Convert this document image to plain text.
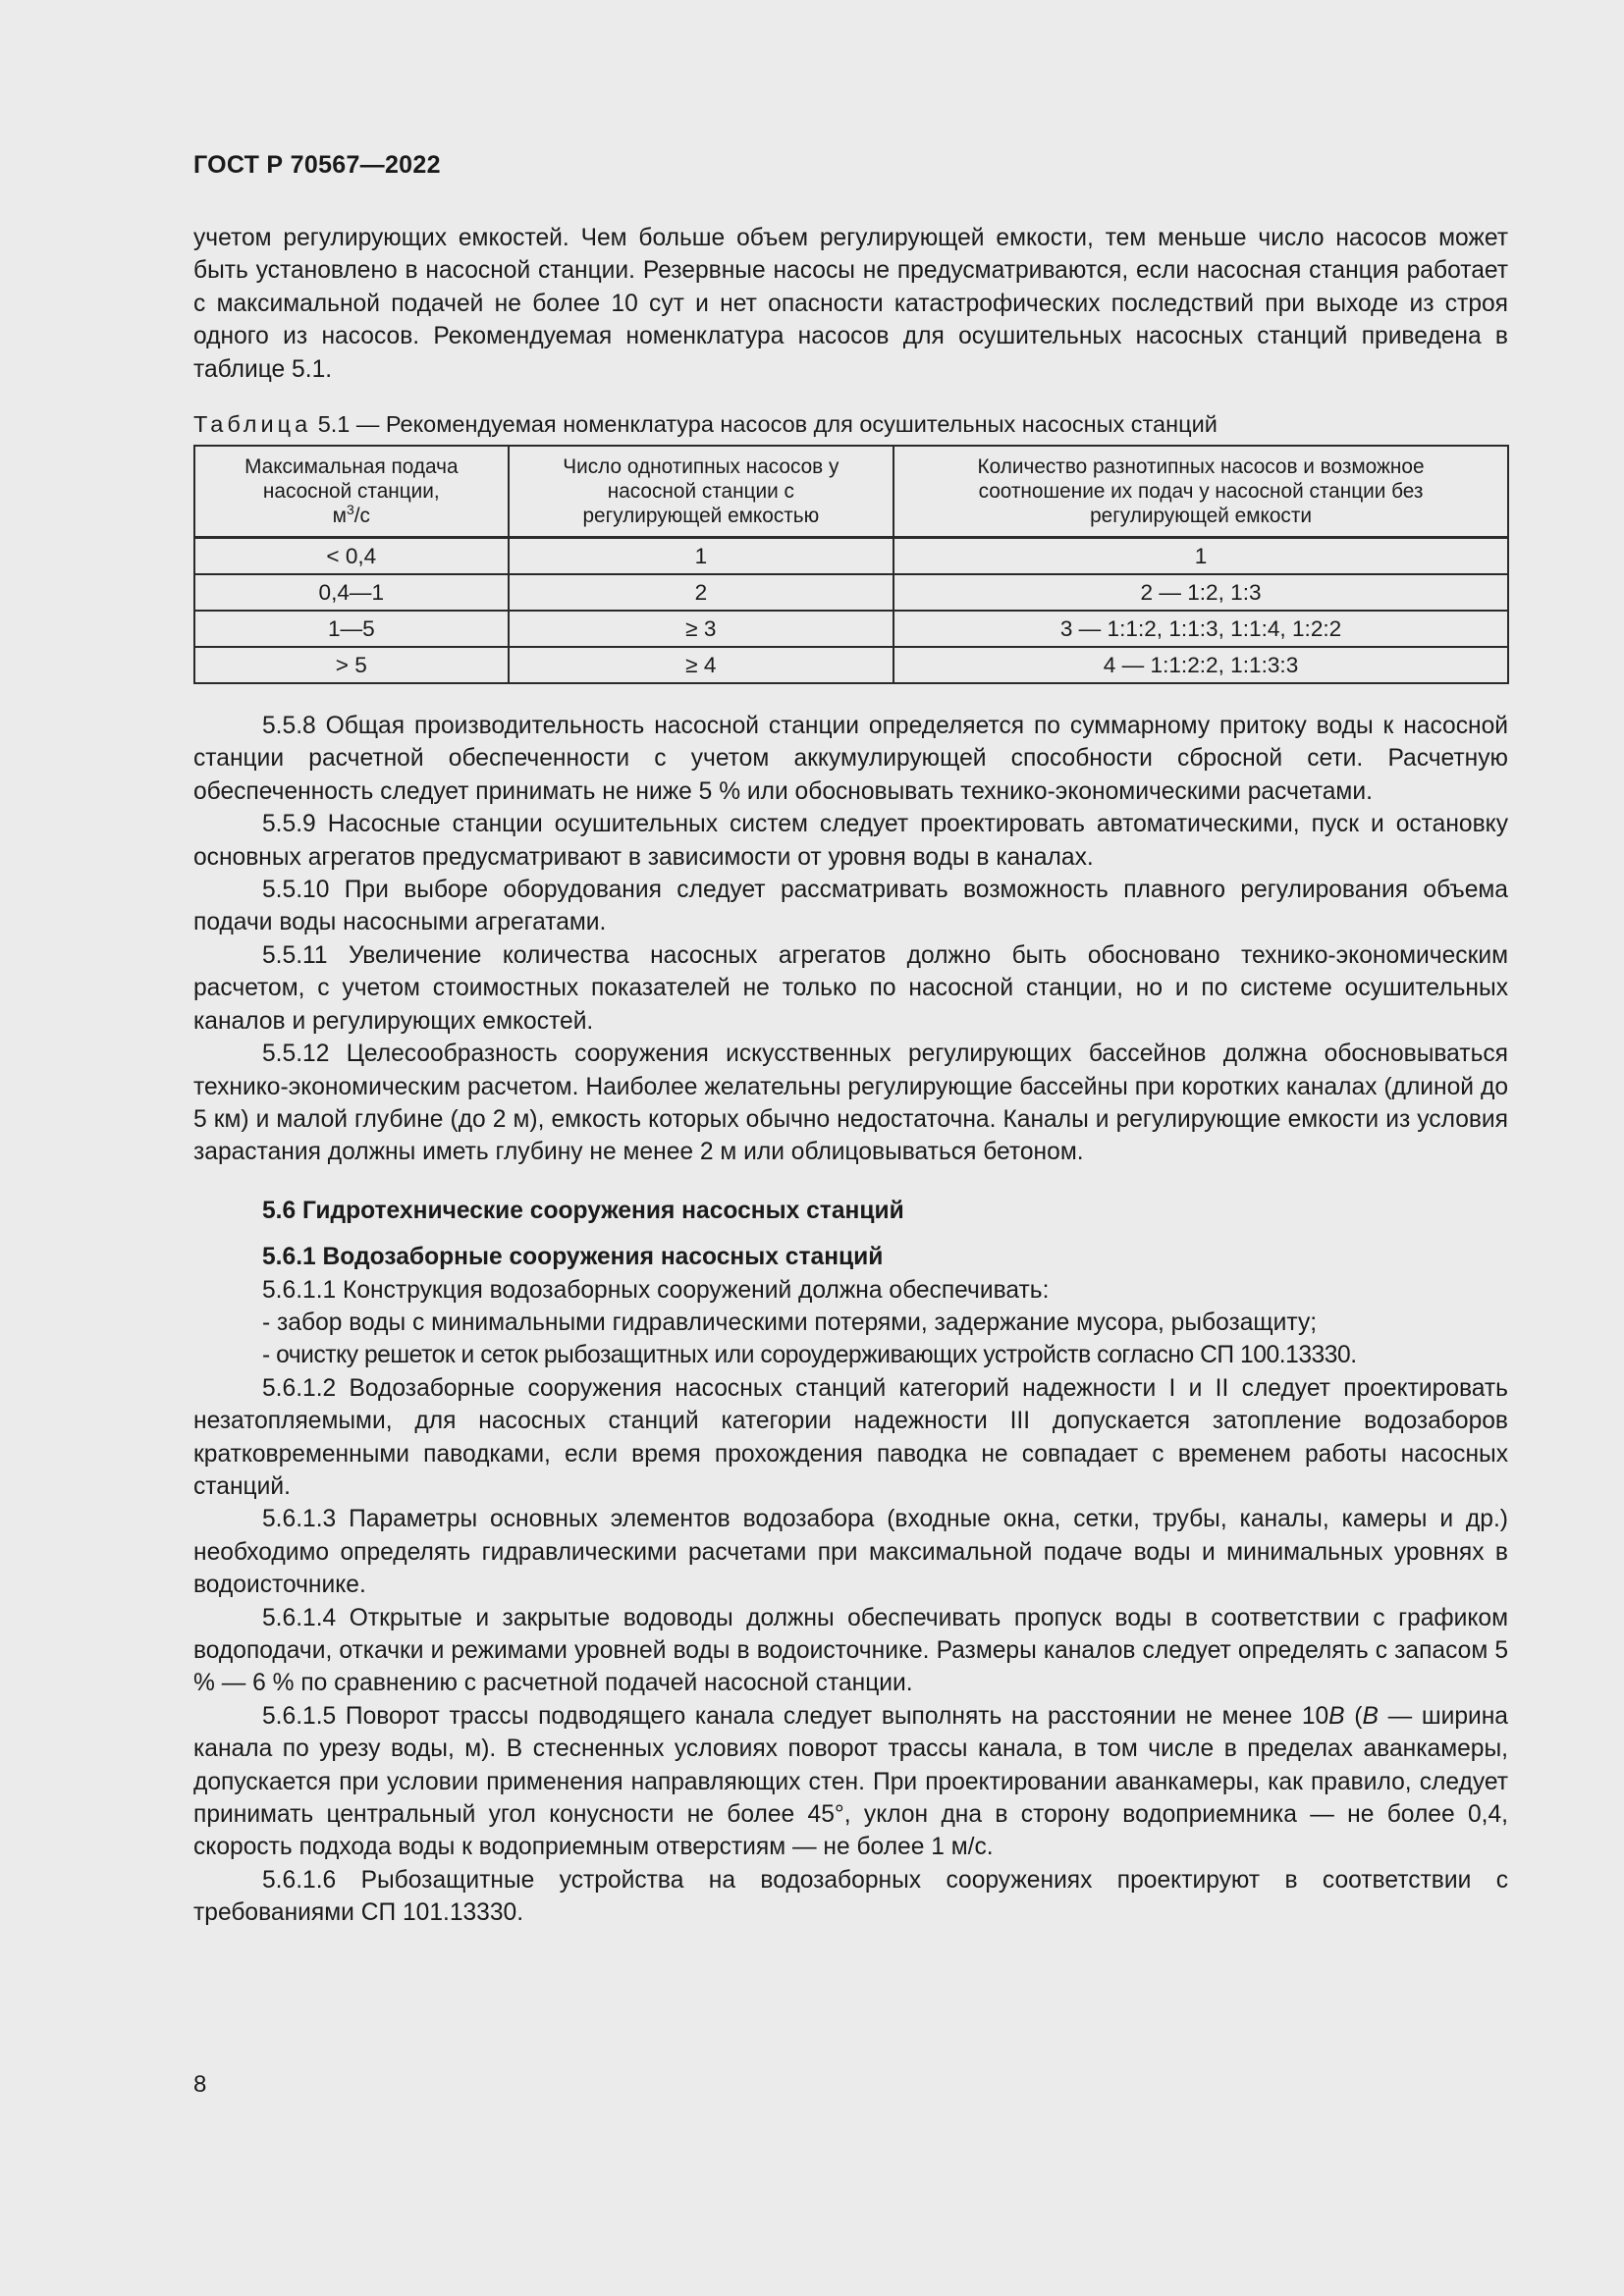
ГОСТ Р 70567—2022

учетом регулирующих емкостей. Чем больше объем регулирующей емкости, тем меньше число насосов может быть установлено в насосной станции. Резервные насосы не предусматриваются, если насосная станция работает с максимальной подачей не более 10 сут и нет опасности катастрофических последствий при выходе из строя одного из насосов. Рекомендуемая номенклатура насосов для осушительных насосных станций приведена в таблице 5.1.

Таблица 5.1 — Рекомендуемая номенклатура насосов для осушительных насосных станций
Максимальная подача
насосной станции,
$м^3/с$	Число однотипных насосов у насосной станции с регулирующей емкостью	Количество разнотипных насосов и возможное соотношение их подач у насосной станции без регулирующей емкости
< 0,4	1	1
0,4—1	2	2 — 1:2, 1:3
1—5	≥ 3	3 — 1:1:2, 1:1:3, 1:1:4, 1:2:2
> 5	≥ 4	4 — 1:1:2:2, 1:1:3:3

5.5.8 Общая производительность насосной станции определяется по суммарному притоку воды к насосной станции расчетной обеспеченности с учетом аккумулирующей способности сбросной сети. Расчетную обеспеченность следует принимать не ниже 5 % или обосновывать технико-экономическими расчетами.

5.5.9 Насосные станции осушительных систем следует проектировать автоматическими, пуск и остановку основных агрегатов предусматривают в зависимости от уровня воды в каналах.

5.5.10 При выборе оборудования следует рассматривать возможность плавного регулирования объема подачи воды насосными агрегатами.

5.5.11 Увеличение количества насосных агрегатов должно быть обосновано технико-экономическим расчетом, с учетом стоимостных показателей не только по насосной станции, но и по системе осушительных каналов и регулирующих емкостей.

5.5.12 Целесообразность сооружения искусственных регулирующих бассейнов должна обосновываться технико-экономическим расчетом. Наиболее желательны регулирующие бассейны при коротких каналах (длиной до 5 км) и малой глубине (до 2 м), емкость которых обычно недостаточна. Каналы и регулирующие емкости из условия зарастания должны иметь глубину не менее 2 м или облицовываться бетоном.

5.6 Гидротехнические сооружения насосных станций

5.6.1 Водозаборные сооружения насосных станций

5.6.1.1 Конструкция водозаборных сооружений должна обеспечивать:

- забор воды с минимальными гидравлическими потерями, задержание мусора, рыбозащиту;

- очистку решеток и сеток рыбозащитных или сороудерживающих устройств согласно СП 100.13330.

5.6.1.2 Водозаборные сооружения насосных станций категорий надежности I и II следует проектировать незатопляемыми, для насосных станций категории надежности III допускается затопление водозаборов кратковременными паводками, если время прохождения паводка не совпадает с временем работы насосных станций.

5.6.1.3 Параметры основных элементов водозабора (входные окна, сетки, трубы, каналы, камеры и др.) необходимо определять гидравлическими расчетами при максимальной подаче воды и минимальных уровнях в водоисточнике.

5.6.1.4 Открытые и закрытые водоводы должны обеспечивать пропуск воды в соответствии с графиком водоподачи, откачки и режимами уровней воды в водоисточнике. Размеры каналов следует определять с запасом 5 % — 6 % по сравнению с расчетной подачей насосной станции.

5.6.1.5 Поворот трассы подводящего канала следует выполнять на расстоянии не менее 10B (B — ширина канала по урезу воды, м). В стесненных условиях поворот трассы канала, в том числе в пределах аванкамеры, допускается при условии применения направляющих стен. При проектировании аванкамеры, как правило, следует принимать центральный угол конусности не более 45°, уклон дна в сторону водоприемника — не более 0,4, скорость подхода воды к водоприемным отверстиям — не более 1 м/с.

5.6.1.6 Рыбозащитные устройства на водозаборных сооружениях проектируют в соответствии с требованиями СП 101.13330.

8
